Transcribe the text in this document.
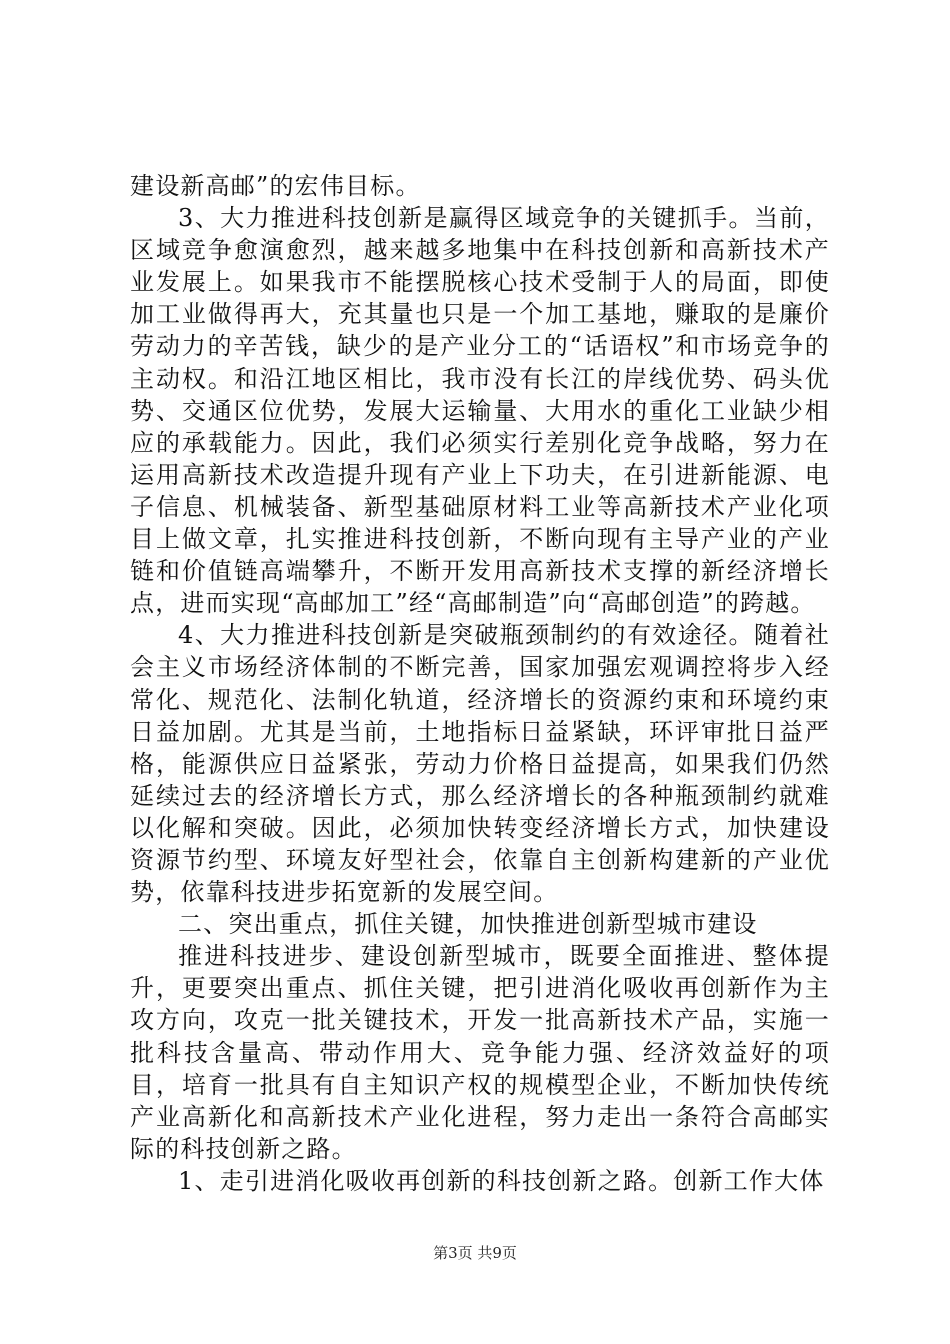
建设新高邮”的宏伟目标。

3、大力推进科技创新是赢得区域竞争的关键抓手。当前，区域竞争愈演愈烈，越来越多地集中在科技创新和高新技术产业发展上。如果我市不能摆脱核心技术受制于人的局面，即使加工业做得再大，充其量也只是一个加工基地，赚取的是廉价劳动力的辛苦钱，缺少的是产业分工的“话语权”和市场竞争的主动权。和沿江地区相比，我市没有长江的岸线优势、码头优势、交通区位优势，发展大运输量、大用水的重化工业缺少相应的承载能力。因此，我们必须实行差别化竞争战略，努力在运用高新技术改造提升现有产业上下功夫，在引进新能源、电子信息、机械装备、新型基础原材料工业等高新技术产业化项目上做文章，扎实推进科技创新，不断向现有主导产业的产业链和价值链高端攀升，不断开发用高新技术支撑的新经济增长点，进而实现“高邮加工”经“高邮制造”向“高邮创造”的跨越。

4、大力推进科技创新是突破瓶颈制约的有效途径。随着社会主义市场经济体制的不断完善，国家加强宏观调控将步入经常化、规范化、法制化轨道，经济增长的资源约束和环境约束日益加剧。尤其是当前，土地指标日益紧缺，环评审批日益严格，能源供应日益紧张，劳动力价格日益提高，如果我们仍然延续过去的经济增长方式，那么经济增长的各种瓶颈制约就难以化解和突破。因此，必须加快转变经济增长方式，加快建设资源节约型、环境友好型社会，依靠自主创新构建新的产业优势，依靠科技进步拓宽新的发展空间。

二、突出重点，抓住关键，加快推进创新型城市建设

推进科技进步、建设创新型城市，既要全面推进、整体提升，更要突出重点、抓住关键，把引进消化吸收再创新作为主攻方向，攻克一批关键技术，开发一批高新技术产品，实施一批科技含量高、带动作用大、竞争能力强、经济效益好的项目，培育一批具有自主知识产权的规模型企业，不断加快传统产业高新化和高新技术产业化进程，努力走出一条符合高邮实际的科技创新之路。

1、走引进消化吸收再创新的科技创新之路。创新工作大体

第3页 共9页
